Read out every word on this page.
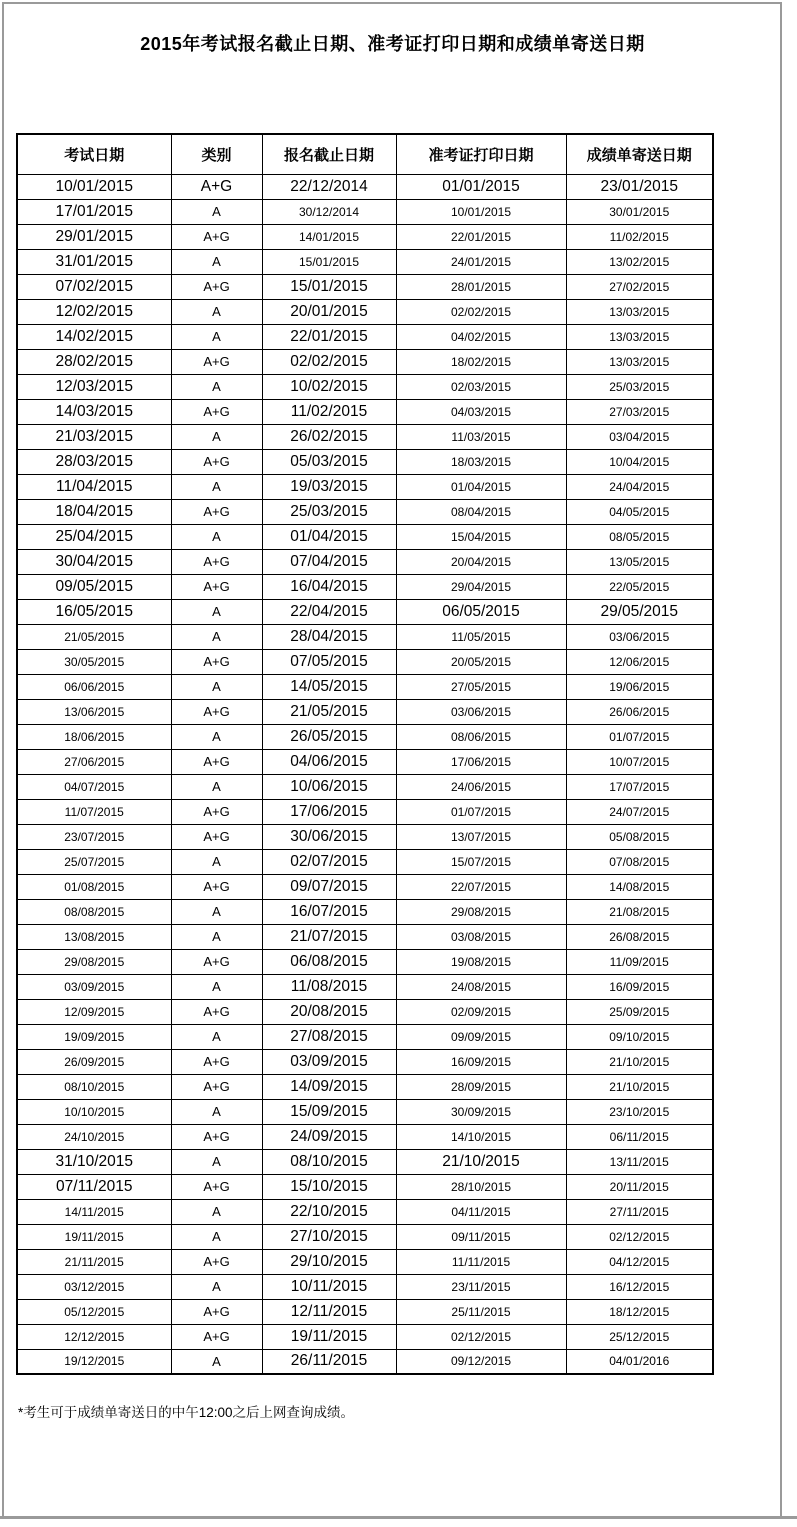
2015年考试报名截止日期、准考证打印日期和成绩单寄送日期
考试日期	类别	报名截止日期	准考证打印日期	成绩单寄送日期
10/01/2015	A+G	22/12/2014	01/01/2015	23/01/2015
17/01/2015	A	30/12/2014	10/01/2015	30/01/2015
29/01/2015	A+G	14/01/2015	22/01/2015	11/02/2015
31/01/2015	A	15/01/2015	24/01/2015	13/02/2015
07/02/2015	A+G	15/01/2015	28/01/2015	27/02/2015
12/02/2015	A	20/01/2015	02/02/2015	13/03/2015
14/02/2015	A	22/01/2015	04/02/2015	13/03/2015
28/02/2015	A+G	02/02/2015	18/02/2015	13/03/2015
12/03/2015	A	10/02/2015	02/03/2015	25/03/2015
14/03/2015	A+G	11/02/2015	04/03/2015	27/03/2015
21/03/2015	A	26/02/2015	11/03/2015	03/04/2015
28/03/2015	A+G	05/03/2015	18/03/2015	10/04/2015
11/04/2015	A	19/03/2015	01/04/2015	24/04/2015
18/04/2015	A+G	25/03/2015	08/04/2015	04/05/2015
25/04/2015	A	01/04/2015	15/04/2015	08/05/2015
30/04/2015	A+G	07/04/2015	20/04/2015	13/05/2015
09/05/2015	A+G	16/04/2015	29/04/2015	22/05/2015
16/05/2015	A	22/04/2015	06/05/2015	29/05/2015
21/05/2015	A	28/04/2015	11/05/2015	03/06/2015
30/05/2015	A+G	07/05/2015	20/05/2015	12/06/2015
06/06/2015	A	14/05/2015	27/05/2015	19/06/2015
13/06/2015	A+G	21/05/2015	03/06/2015	26/06/2015
18/06/2015	A	26/05/2015	08/06/2015	01/07/2015
27/06/2015	A+G	04/06/2015	17/06/2015	10/07/2015
04/07/2015	A	10/06/2015	24/06/2015	17/07/2015
11/07/2015	A+G	17/06/2015	01/07/2015	24/07/2015
23/07/2015	A+G	30/06/2015	13/07/2015	05/08/2015
25/07/2015	A	02/07/2015	15/07/2015	07/08/2015
01/08/2015	A+G	09/07/2015	22/07/2015	14/08/2015
08/08/2015	A	16/07/2015	29/08/2015	21/08/2015
13/08/2015	A	21/07/2015	03/08/2015	26/08/2015
29/08/2015	A+G	06/08/2015	19/08/2015	11/09/2015
03/09/2015	A	11/08/2015	24/08/2015	16/09/2015
12/09/2015	A+G	20/08/2015	02/09/2015	25/09/2015
19/09/2015	A	27/08/2015	09/09/2015	09/10/2015
26/09/2015	A+G	03/09/2015	16/09/2015	21/10/2015
08/10/2015	A+G	14/09/2015	28/09/2015	21/10/2015
10/10/2015	A	15/09/2015	30/09/2015	23/10/2015
24/10/2015	A+G	24/09/2015	14/10/2015	06/11/2015
31/10/2015	A	08/10/2015	21/10/2015	13/11/2015
07/11/2015	A+G	15/10/2015	28/10/2015	20/11/2015
14/11/2015	A	22/10/2015	04/11/2015	27/11/2015
19/11/2015	A	27/10/2015	09/11/2015	02/12/2015
21/11/2015	A+G	29/10/2015	11/11/2015	04/12/2015
03/12/2015	A	10/11/2015	23/11/2015	16/12/2015
05/12/2015	A+G	12/11/2015	25/11/2015	18/12/2015
12/12/2015	A+G	19/11/2015	02/12/2015	25/12/2015
19/12/2015	A	26/11/2015	09/12/2015	04/01/2016
*考生可于成绩单寄送日的中午12:00之后上网查询成绩。
